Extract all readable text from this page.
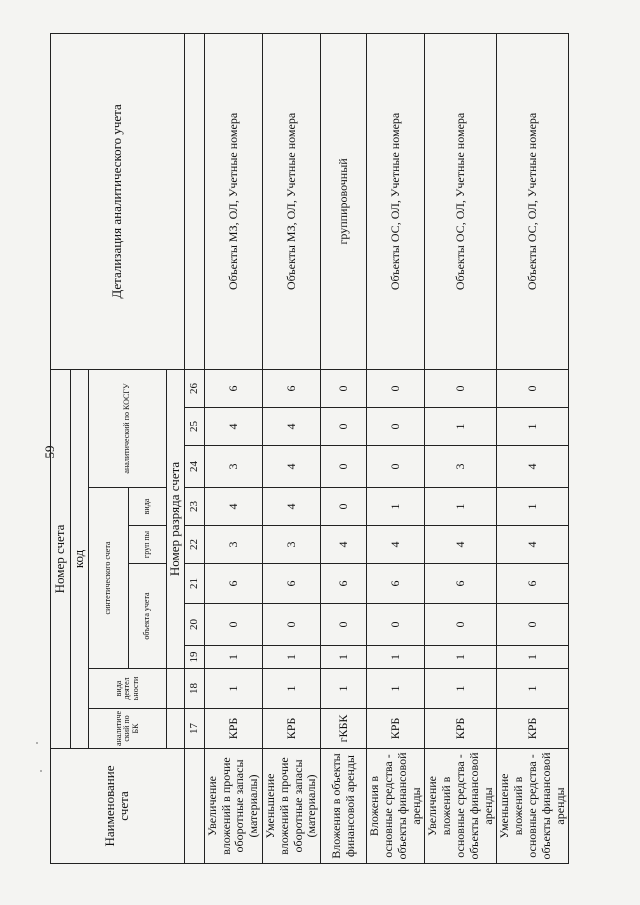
59
Наименование счета	Номер счета										Детализация аналитического учета
	код										
	аналитиче ский по БК	вида деятел ьности	синтетического счета					аналитический по КОСГУ			
			объекта учета			груп пы	вида				
			Номер разряда счета								
	17	18	19	20	21	22	23	24	25	26	
Увеличение вложений в прочие оборотные запасы (материалы)	КРБ	1	1	0	6	3	4	3	4	6	Объекты МЗ, ОЛ, Учетные номера
Уменьшение вложений в прочие оборотные запасы (материалы)	КРБ	1	1	0	6	3	4	4	4	6	Объекты МЗ, ОЛ, Учетные номера
Вложения в объекты финансовой аренды	гКБК	1	1	0	6	4	0	0	0	0	группировочный
Вложения в основные средства - объекты финансовой аренды	КРБ	1	1	0	6	4	1	0	0	0	Объекты ОС, ОЛ, Учетные номера
Увеличение вложений в основные средства - объекты финансовой аренды	КРБ	1	1	0	6	4	1	3	1	0	Объекты ОС, ОЛ, Учетные номера
Уменьшение вложений в основные средства - объекты финансовой аренды	КРБ	1	1	0	6	4	1	4	1	0	Объекты ОС, ОЛ, Учетные номера
